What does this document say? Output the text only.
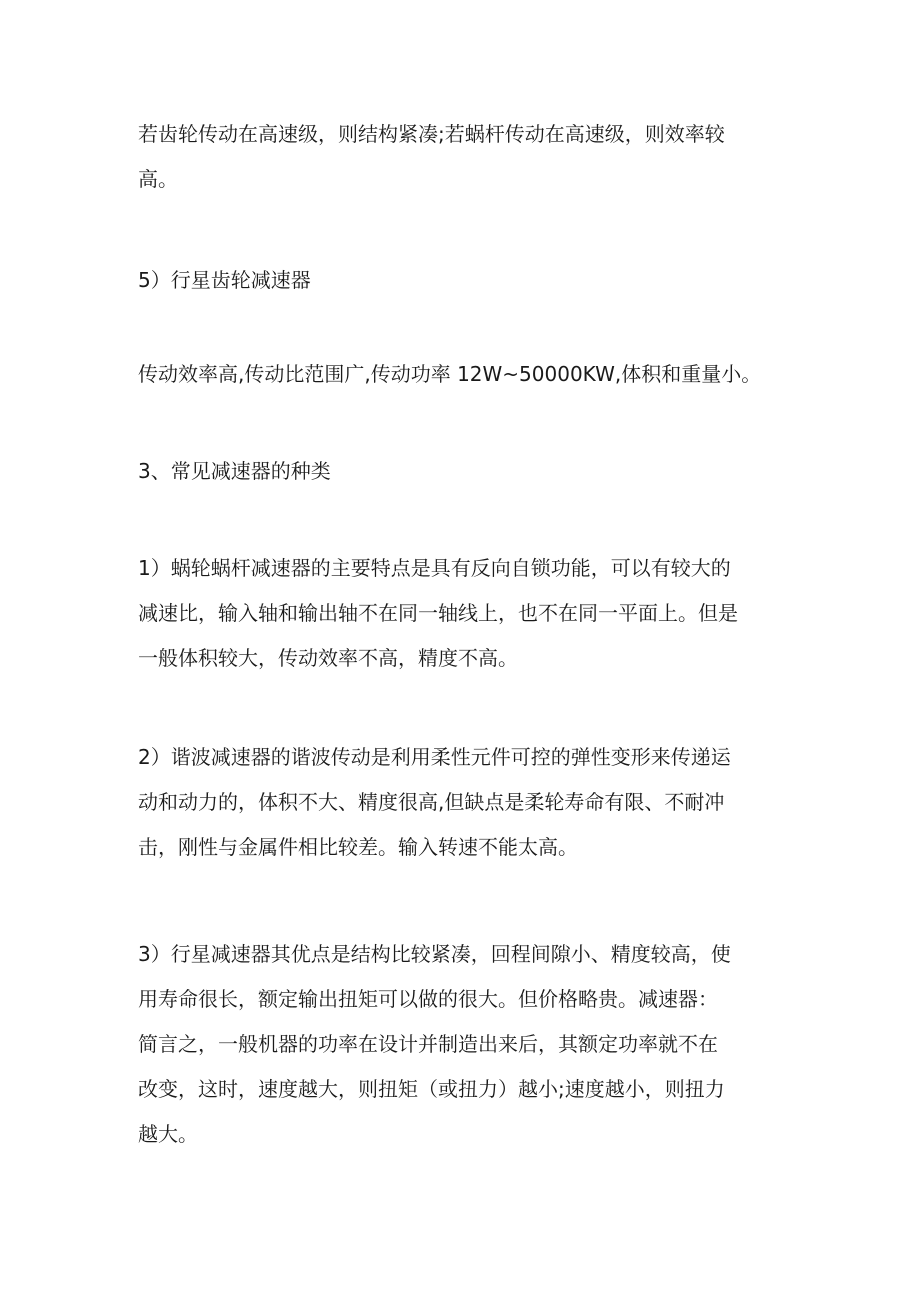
若齿轮传动在高速级，则结构紧凑;若蜗杆传动在高速级，则效率较
高。
5）行星齿轮减速器
传动效率高,传动比范围广,传动功率 12W~50000KW,体积和重量小。
3、常见减速器的种类
1）蜗轮蜗杆减速器的主要特点是具有反向自锁功能，可以有较大的
减速比，输入轴和输出轴不在同一轴线上，也不在同一平面上。但是
一般体积较大，传动效率不高，精度不高。
2）谐波减速器的谐波传动是利用柔性元件可控的弹性变形来传递运
动和动力的，体积不大、精度很高,但缺点是柔轮寿命有限、不耐冲
击，刚性与金属件相比较差。输入转速不能太高。
3）行星减速器其优点是结构比较紧凑，回程间隙小、精度较高，使
用寿命很长，额定输出扭矩可以做的很大。但价格略贵。减速器：
简言之，一般机器的功率在设计并制造出来后，其额定功率就不在
改变，这时，速度越大，则扭矩（或扭力）越小;速度越小，则扭力
越大。
